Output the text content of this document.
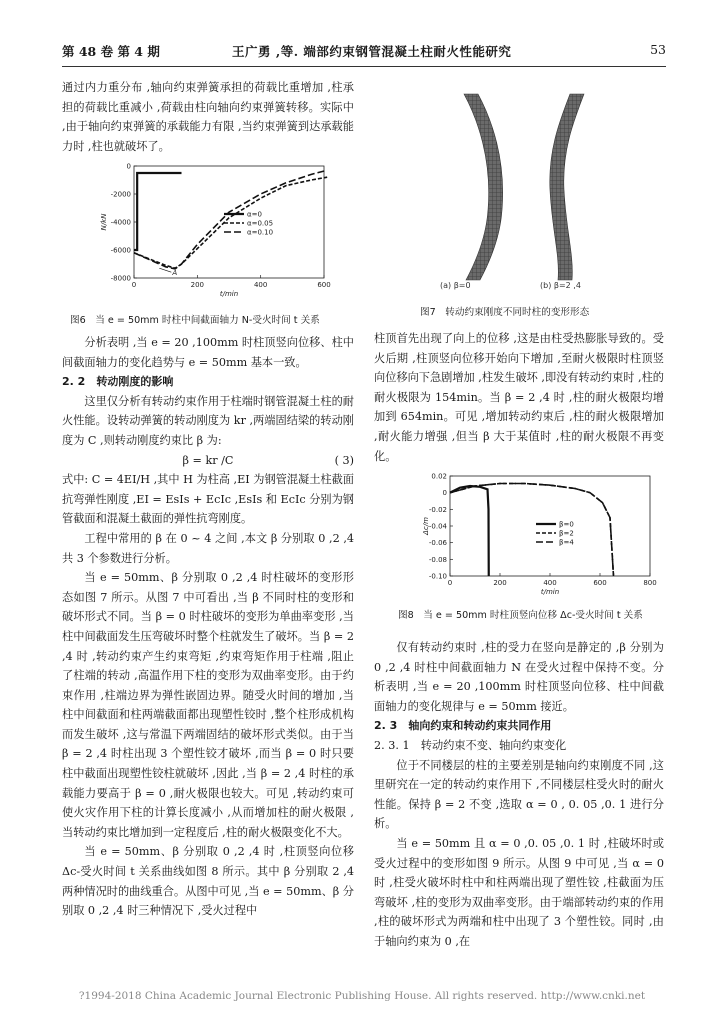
第 48 卷 第 4 期	王广勇 ,等. 端部约束钢管混凝土柱耐火性能研究	53

通过内力重分布 ,轴向约束弹簧承担的荷载比重增加 ,柱承担的荷载比重减小 ,荷载由柱向轴向约束弹簧转移。实际中 ,由于轴向约束弹簧的承载能力有限 ,当约束弹簧到达承载能力时 ,柱也就破坏了。

0	200	400	600
0
-2000
-4000
-6000
-8000
t/min
N/kN	α=0
α=0.05
α=0.10
A
图6　当 e = 50mm 时柱中间截面轴力 N-受火时间 t 关系

分析表明 ,当 e = 20 ,100mm 时柱顶竖向位移、柱中间截面轴力的变化趋势与 e = 50mm 基本一致。

2. 2　转动刚度的影响

这里仅分析有转动约束作用于柱端时钢管混凝土柱的耐火性能。设转动弹簧的转动刚度为 kr ,两端固结梁的转动刚度为 C ,则转动刚度约束比 β 为:

β = kr /C	( 3)

式中: C = 4EI/H ,其中 H 为柱高 ,EI 为钢管混凝土柱截面抗弯弹性刚度 ,EI = EsIs + EcIc ,EsIs 和 EcIc 分别为钢管截面和混凝土截面的弹性抗弯刚度。

工程中常用的 β 在 0 ~ 4 之间 ,本文 β 分别取 0 ,2 ,4 共 3 个参数进行分析。

当 e = 50mm、β 分别取 0 ,2 ,4 时柱破坏的变形形态如图 7 所示。从图 7 中可看出 ,当 β 不同时柱的变形和破坏形式不同。当 β = 0 时柱破坏的变形为单曲率变形 ,当柱中间截面发生压弯破坏时整个柱就发生了破坏。当 β = 2 ,4 时 ,转动约束产生约束弯矩 ,约束弯矩作用于柱端 ,阻止了柱端的转动 ,高温作用下柱的变形为双曲率变形。由于约束作用 ,柱端边界为弹性嵌固边界。随受火时间的增加 ,当柱中间截面和柱两端截面都出现塑性铰时 ,整个柱形成机构而发生破坏 ,这与常温下两端固结的破坏形式类似。由于当 β = 2 ,4 时柱出现 3 个塑性铰才破坏 ,而当 β = 0 时只要柱中截面出现塑性铰柱就破坏 ,因此 ,当 β = 2 ,4 时柱的承载能力要高于 β = 0 ,耐火极限也较大。可见 ,转动约束可使火灾作用下柱的计算长度减小 ,从而增加柱的耐火极限 ,当转动约束比增加到一定程度后 ,柱的耐火极限变化不大。

当 e = 50mm、β 分别取 0 ,2 ,4 时 ,柱顶竖向位移 Δc-受火时间 t 关系曲线如图 8 所示。其中 β 分别取 2 ,4 两种情况时的曲线重合。从图中可见 ,当 e = 50mm、β 分别取 0 ,2 ,4 时三种情况下 ,受火过程中

(a) β=0	(b) β=2 ,4
图7　转动约束刚度不同时柱的变形形态

柱顶首先出现了向上的位移 ,这是由柱受热膨胀导致的。受火后期 ,柱顶竖向位移开始向下增加 ,至耐火极限时柱顶竖向位移向下急剧增加 ,柱发生破坏 ,即没有转动约束时 ,柱的耐火极限为 154min。当 β = 2 ,4 时 ,柱的耐火极限均增加到 654min。可见 ,增加转动约束后 ,柱的耐火极限增加 ,耐火能力增强 ,但当 β 大于某值时 ,柱的耐火极限不再变化。

0	200	400	600	800
0.02
0
-0.02
-0.04
-0.06
-0.08
-0.10
t/min
Δc/m	β=0
β=2
β=4
图8　当 e = 50mm 时柱顶竖向位移 Δc-受火时间 t 关系

仅有转动约束时 ,柱的受力在竖向是静定的 ,β 分别为 0 ,2 ,4 时柱中间截面轴力 N 在受火过程中保持不变。分析表明 ,当 e = 20 ,100mm 时柱顶竖向位移、柱中间截面轴力的变化规律与 e = 50mm 接近。

2. 3　轴向约束和转动约束共同作用

2. 3. 1　转动约束不变、轴向约束变化

位于不同楼层的柱的主要差别是轴向约束刚度不同 ,这里研究在一定的转动约束作用下 ,不同楼层柱受火时的耐火性能。保持 β = 2 不变 ,选取 α = 0 , 0. 05 ,0. 1 进行分析。

当 e = 50mm 且 α = 0 ,0. 05 ,0. 1 时 ,柱破坏时或受火过程中的变形如图 9 所示。从图 9 中可见 ,当 α = 0 时 ,柱受火破坏时柱中和柱两端出现了塑性铰 ,柱截面为压弯破坏 ,柱的变形为双曲率变形。由于端部转动约束的作用 ,柱的破坏形式为两端和柱中出现了 3 个塑性铰。同时 ,由于轴向约束为 0 ,在

?1994-2018 China Academic Journal Electronic Publishing House. All rights reserved. http://www.cnki.net
